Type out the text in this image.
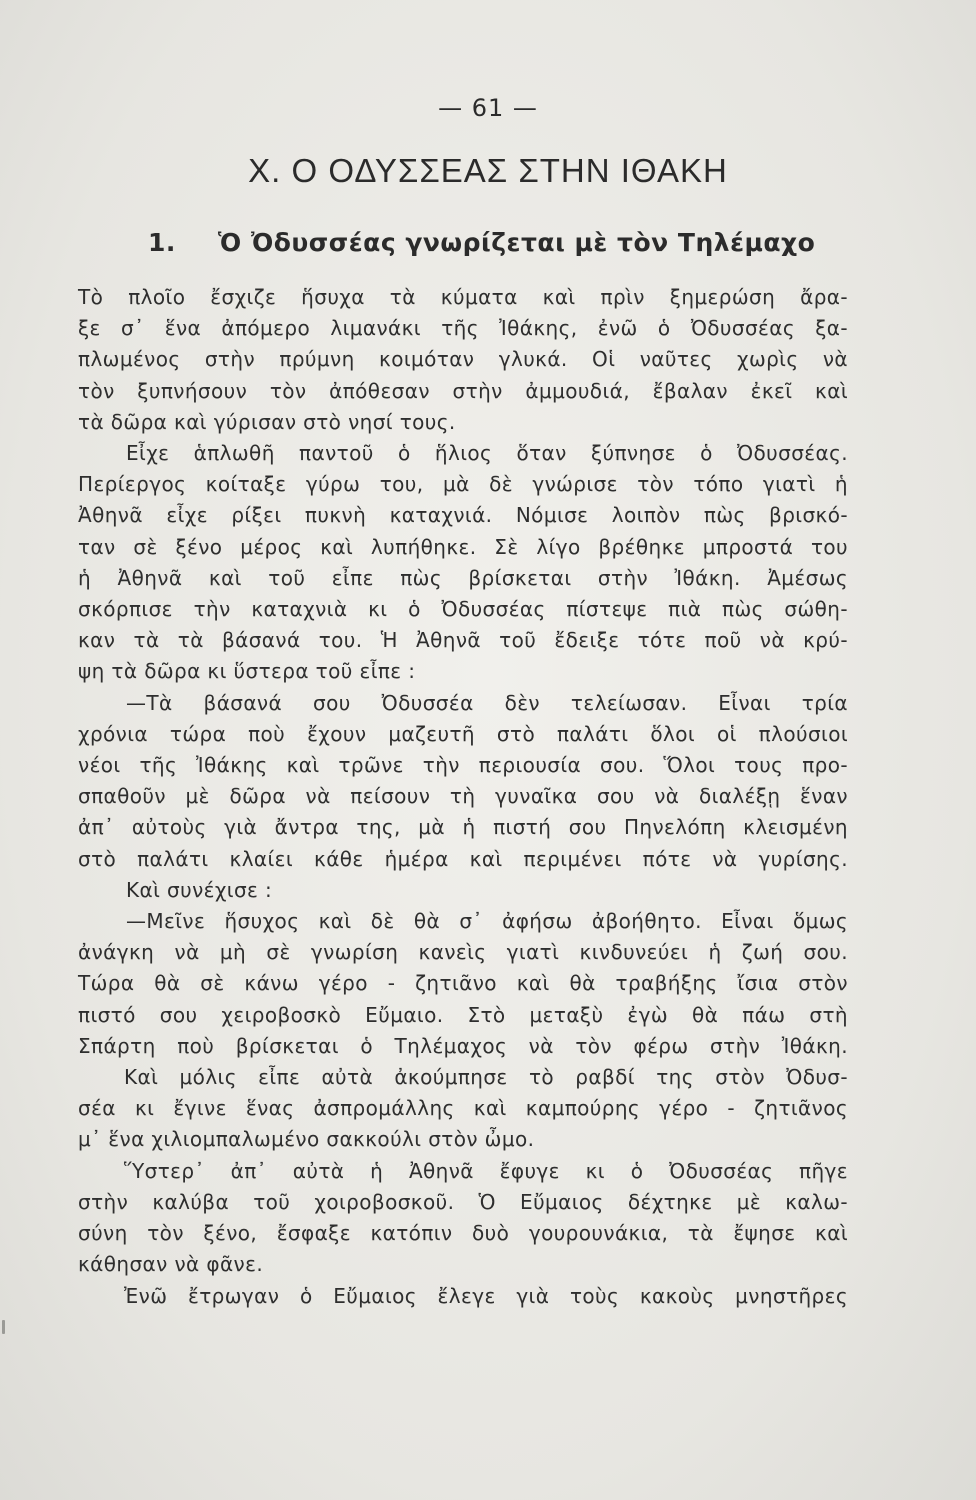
— 61 —
Χ. Ο ΟΔΥΣΣΕΑΣ ΣΤΗΝ ΙΘΑΚΗ
1. Ὁ Ὀδυσσέας γνωρίζεται μὲ τὸν Τηλέμαχο
Τὸ πλοῖο ἔσχιζε ἥσυχα τὰ κύματα καὶ πρὶν ξημερώση ἄρα-
ξε σ᾿ ἕνα ἀπόμερο λιμανάκι τῆς Ἰθάκης, ἐνῶ ὁ Ὀδυσσέας ξα-
πλωμένος στὴν πρύμνη κοιμόταν γλυκά. Οἱ ναῦτες χωρὶς νὰ
τὸν ξυπνήσουν τὸν ἀπόθεσαν στὴν ἀμμουδιά, ἔβαλαν ἐκεῖ καὶ
τὰ δῶρα καὶ γύρισαν στὸ νησί τους.
Εἶχε ἁπλωθῆ παντοῦ ὁ ἥλιος ὅταν ξύπνησε ὁ Ὀδυσσέας.
Περίεργος κοίταξε γύρω του, μὰ δὲ γνώρισε τὸν τόπο γιατὶ ἡ
Ἀθηνᾶ εἶχε ρίξει πυκνὴ καταχνιά. Νόμισε λοιπὸν πὼς βρισκό-
ταν σὲ ξένο μέρος καὶ λυπήθηκε. Σὲ λίγο βρέθηκε μπροστά του
ἡ Ἀθηνᾶ καὶ τοῦ εἶπε πὼς βρίσκεται στὴν Ἰθάκη. Ἀμέσως
σκόρπισε τὴν καταχνιὰ κι ὁ Ὀδυσσέας πίστεψε πιὰ πὼς σώθη-
καν τὰ τὰ βάσανά του. Ἡ Ἀθηνᾶ τοῦ ἔδειξε τότε ποῦ νὰ κρύ-
ψη τὰ δῶρα κι ὕστερα τοῦ εἶπε :
—Τὰ βάσανά σου Ὀδυσσέα δὲν τελείωσαν. Εἶναι τρία
χρόνια τώρα ποὺ ἔχουν μαζευτῆ στὸ παλάτι ὅλοι οἱ πλούσιοι
νέοι τῆς Ἰθάκης καὶ τρῶνε τὴν περιουσία σου. Ὅλοι τους προ-
σπαθοῦν μὲ δῶρα νὰ πείσουν τὴ γυναῖκα σου νὰ διαλέξῃ ἕναν
ἀπ᾿ αὐτοὺς γιὰ ἄντρα της, μὰ ἡ πιστή σου Πηνελόπη κλεισμένη
στὸ παλάτι κλαίει κάθε ἡμέρα καὶ περιμένει πότε νὰ γυρίσης.
Καὶ συνέχισε :
—Μεῖνε ἥσυχος καὶ δὲ θὰ σ᾿ ἀφήσω ἀβοήθητο. Εἶναι ὅμως
ἀνάγκη νὰ μὴ σὲ γνωρίση κανεὶς γιατὶ κινδυνεύει ἡ ζωή σου.
Τώρα θὰ σὲ κάνω γέρο - ζητιᾶνο καὶ θὰ τραβήξης ἴσια στὸν
πιστό σου χειροβοσκὸ Εὔμαιο. Στὸ μεταξὺ ἐγὼ θὰ πάω στὴ
Σπάρτη ποὺ βρίσκεται ὁ Τηλέμαχος νὰ τὸν φέρω στὴν Ἰθάκη.
Καὶ μόλις εἶπε αὐτὰ ἀκούμπησε τὸ ραβδί της στὸν Ὀδυσ-
σέα κι ἔγινε ἕνας ἀσπρομάλλης καὶ καμπούρης γέρο - ζητιᾶνος
μ᾿ ἕνα χιλιομπαλωμένο σακκούλι στὸν ὦμο.
Ὕστερ᾿ ἀπ᾿ αὐτὰ ἡ Ἀθηνᾶ ἔφυγε κι ὁ Ὀδυσσέας πῆγε
στὴν καλύβα τοῦ χοιροβοσκοῦ. Ὁ Εὔμαιος δέχτηκε μὲ καλω-
σύνη τὸν ξένο, ἔσφαξε κατόπιν δυὸ γουρουνάκια, τὰ ἔψησε καὶ
κάθησαν νὰ φᾶνε.
Ἐνῶ ἔτρωγαν ὁ Εὔμαιος ἔλεγε γιὰ τοὺς κακοὺς μνηστῆρες
